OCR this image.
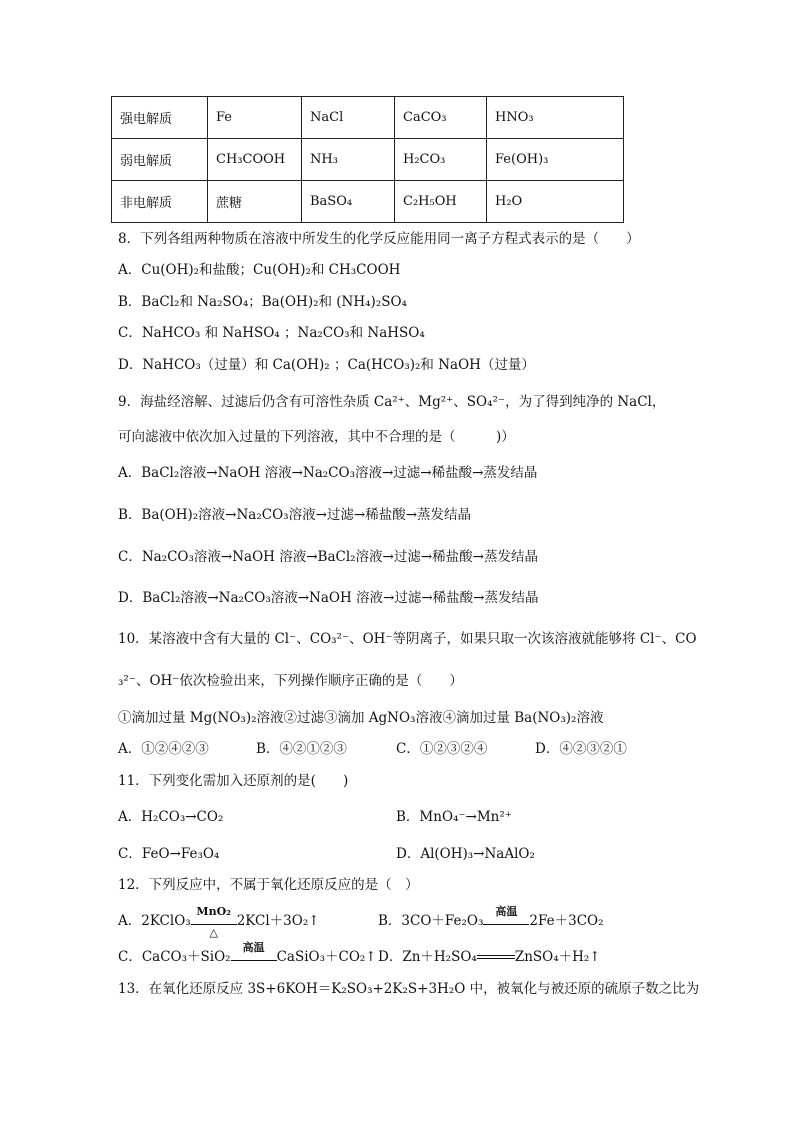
强电解质	Fe	NaCl	CaCO₃	HNO₃
弱电解质	CH₃COOH	NH₃	H₂CO₃	Fe(OH)₃
非电解质	蔗糖	BaSO₄	C₂H₅OH	H₂O
8．下列各组两种物质在溶液中所发生的化学反应能用同一离子方程式表示的是（　　）
A．Cu(OH)₂和盐酸；Cu(OH)₂和 CH₃COOH
B．BaCl₂和 Na₂SO₄；Ba(OH)₂和 (NH₄)₂SO₄
C．NaHCO₃ 和 NaHSO₄ ；Na₂CO₃和 NaHSO₄
D．NaHCO₃（过量）和 Ca(OH)₂ ；Ca(HCO₃)₂和 NaOH（过量）
9．海盐经溶解、过滤后仍含有可溶性杂质 Ca²⁺、Mg²⁺、SO₄²⁻，为了得到纯净的 NaCl，
可向滤液中依次加入过量的下列溶液，其中不合理的是（　　　)）
A．BaCl₂溶液→NaOH 溶液→Na₂CO₃溶液→过滤→稀盐酸→蒸发结晶
B．Ba(OH)₂溶液→Na₂CO₃溶液→过滤→稀盐酸→蒸发结晶
C．Na₂CO₃溶液→NaOH 溶液→BaCl₂溶液→过滤→稀盐酸→蒸发结晶
D．BaCl₂溶液→Na₂CO₃溶液→NaOH 溶液→过滤→稀盐酸→蒸发结晶
10．某溶液中含有大量的 Cl⁻、CO₃²⁻、OH⁻等阴离子，如果只取一次该溶液就能够将 Cl⁻、CO
₃²⁻、OH⁻依次检验出来，下列操作顺序正确的是（　　）
①滴加过量 Mg(NO₃)₂溶液②过滤③滴加 AgNO₃溶液④滴加过量 Ba(NO₃)₂溶液
A．①②④②③	B．④②①②③	C．①②③②④	D．④②③②①
11．下列变化需加入还原剂的是(　　)
A．H₂CO₃→CO₂	B．MnO₄⁻→Mn²⁺
C．FeO→Fe₃O₄	D．Al(OH)₃→NaAlO₂
12．下列反应中，不属于氧化还原反应的是（　）
A．2KClO₃
MnO₂
△
2KCl＋3O₂↑	B．3CO＋Fe₂O₃
高温
2Fe＋3CO₂
C．CaCO₃＋SiO₂
高温
CaSiO₃＋CO₂↑ D．Zn＋H₂SO₄	ZnSO₄＋H₂↑
13．在氧化还原反应 3S+6KOH＝K₂SO₃+2K₂S+3H₂O 中，被氧化与被还原的硫原子数之比为
